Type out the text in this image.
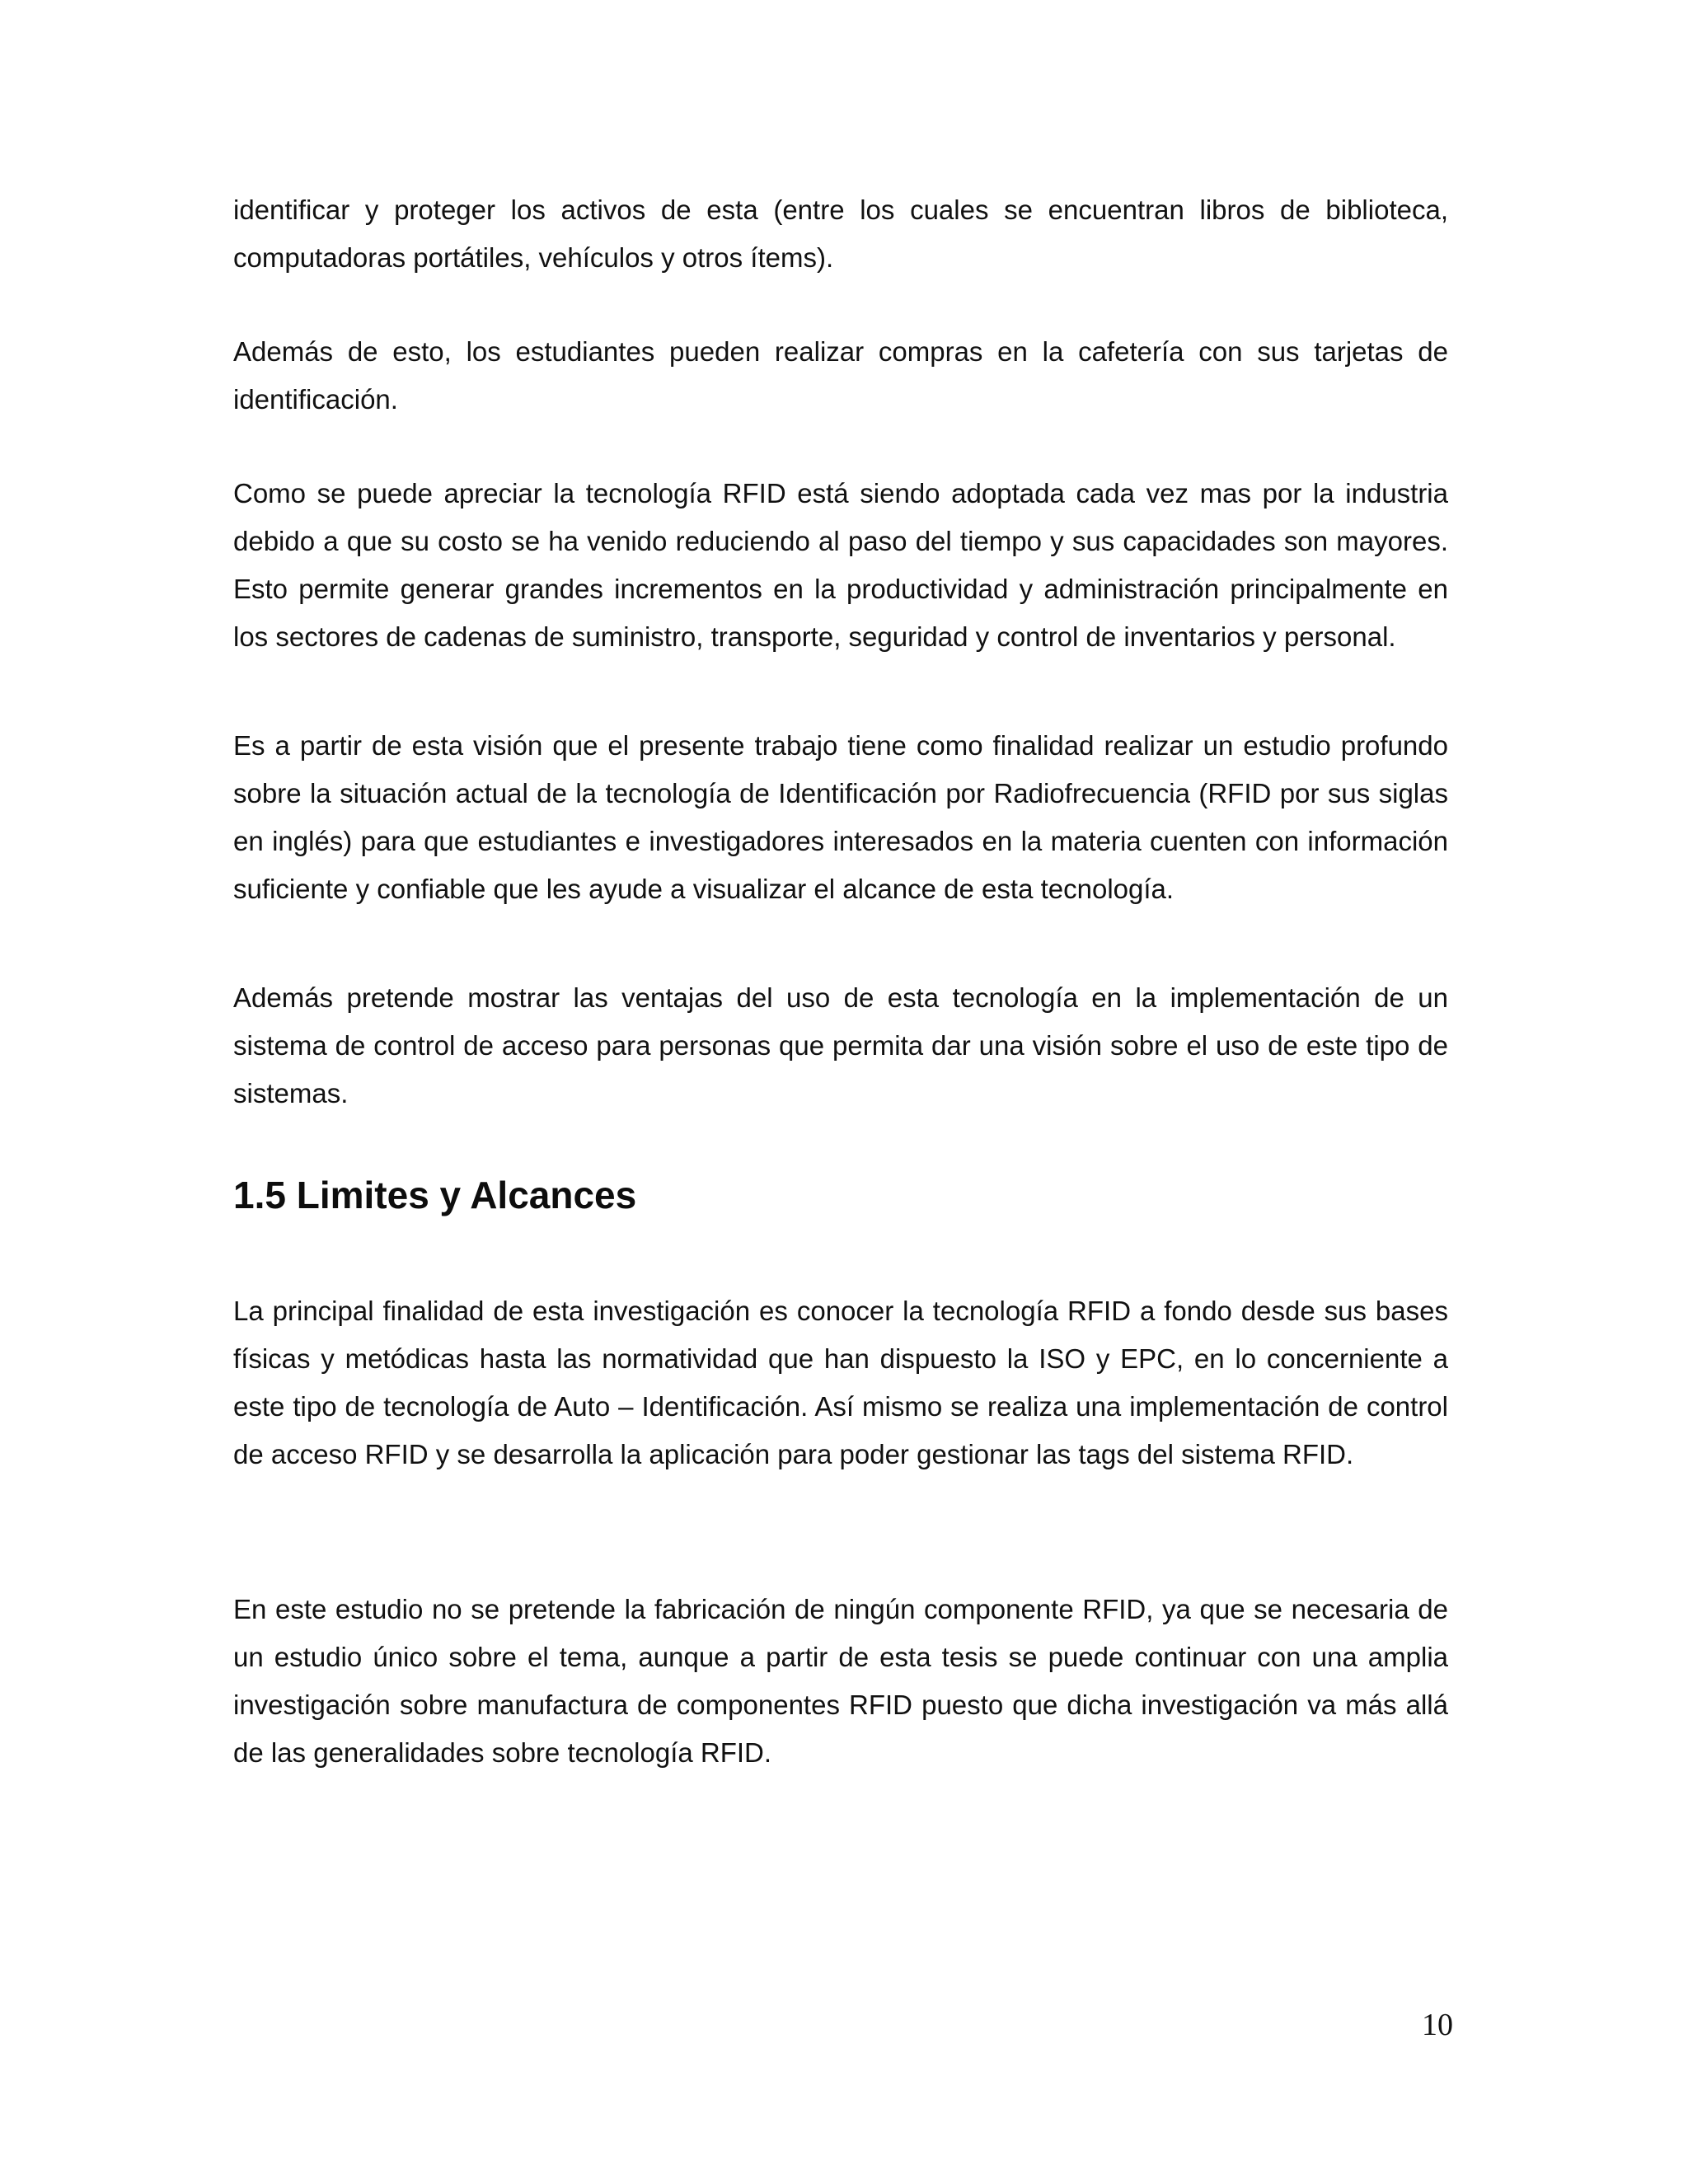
identificar y proteger los activos de esta (entre los cuales se encuentran libros de biblioteca, computadoras portátiles, vehículos y otros ítems).

Además de esto, los estudiantes pueden realizar compras en la cafetería con sus tarjetas de identificación.

Como se puede apreciar la tecnología RFID está siendo adoptada cada vez mas por la industria debido a que su costo se ha venido reduciendo al paso del tiempo y sus capacidades son mayores. Esto permite generar grandes incrementos en la productividad y administración principalmente en los sectores de cadenas de suministro, transporte, seguridad y control de inventarios y personal.

Es a partir de esta visión que el presente trabajo tiene como finalidad realizar un estudio profundo sobre la situación actual de la tecnología de Identificación por Radiofrecuencia (RFID por sus siglas en inglés) para que estudiantes e investigadores interesados en la materia cuenten con información suficiente y confiable que les ayude a visualizar el alcance de esta tecnología.

Además pretende mostrar las ventajas del uso de esta tecnología en la implementación de un sistema de control de acceso para personas que permita dar una visión sobre el uso de este tipo de sistemas.

1.5 Limites y Alcances

La principal finalidad de esta investigación es conocer la tecnología RFID a fondo desde sus bases físicas y metódicas hasta las normatividad que han dispuesto la ISO y EPC, en lo concerniente a este tipo de tecnología de Auto – Identificación. Así mismo se realiza una implementación de control de acceso RFID y se desarrolla la aplicación para poder gestionar las tags del sistema RFID.

En este estudio no se pretende la fabricación de ningún componente RFID, ya que se necesaria de un estudio único sobre el tema, aunque a partir de esta tesis se puede continuar con una amplia investigación sobre manufactura de componentes RFID puesto que dicha investigación va más allá de las generalidades sobre tecnología RFID.

10
